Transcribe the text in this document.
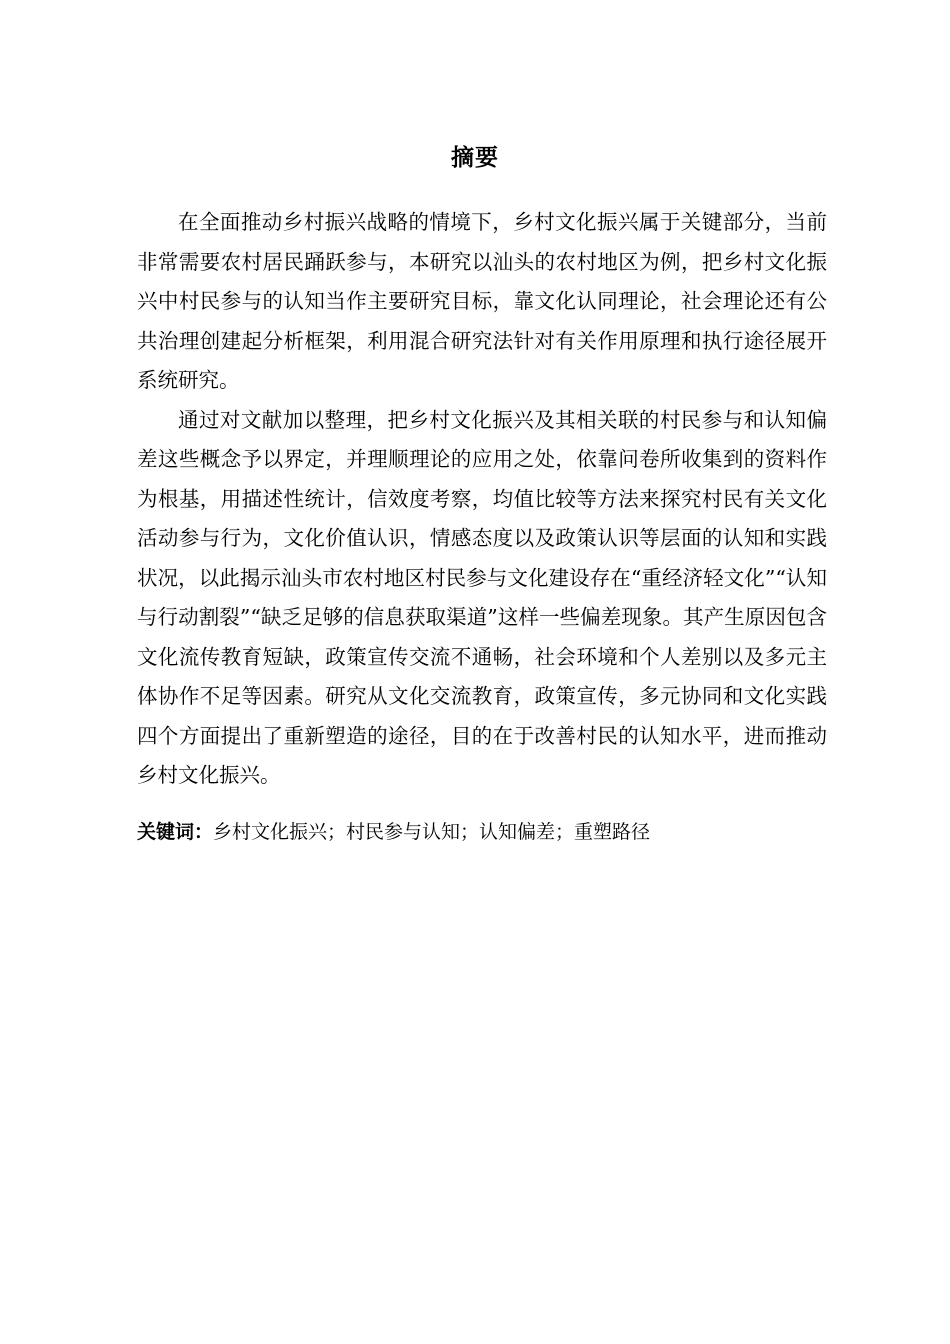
摘要

在全面推动乡村振兴战略的情境下，乡村文化振兴属于关键部分，当前非常需要农村居民踊跃参与，本研究以汕头的农村地区为例，把乡村文化振兴中村民参与的认知当作主要研究目标，靠文化认同理论，社会理论还有公共治理创建起分析框架，利用混合研究法针对有关作用原理和执行途径展开系统研究。

通过对文献加以整理，把乡村文化振兴及其相关联的村民参与和认知偏差这些概念予以界定，并理顺理论的应用之处，依靠问卷所收集到的资料作为根基，用描述性统计，信效度考察，均值比较等方法来探究村民有关文化活动参与行为，文化价值认识，情感态度以及政策认识等层面的认知和实践状况，以此揭示汕头市农村地区村民参与文化建设存在“重经济轻文化”“认知与行动割裂”“缺乏足够的信息获取渠道”这样一些偏差现象。其产生原因包含文化流传教育短缺，政策宣传交流不通畅，社会环境和个人差别以及多元主体协作不足等因素。研究从文化交流教育，政策宣传，多元协同和文化实践四个方面提出了重新塑造的途径，目的在于改善村民的认知水平，进而推动乡村文化振兴。

关键词：乡村文化振兴；村民参与认知；认知偏差；重塑路径
